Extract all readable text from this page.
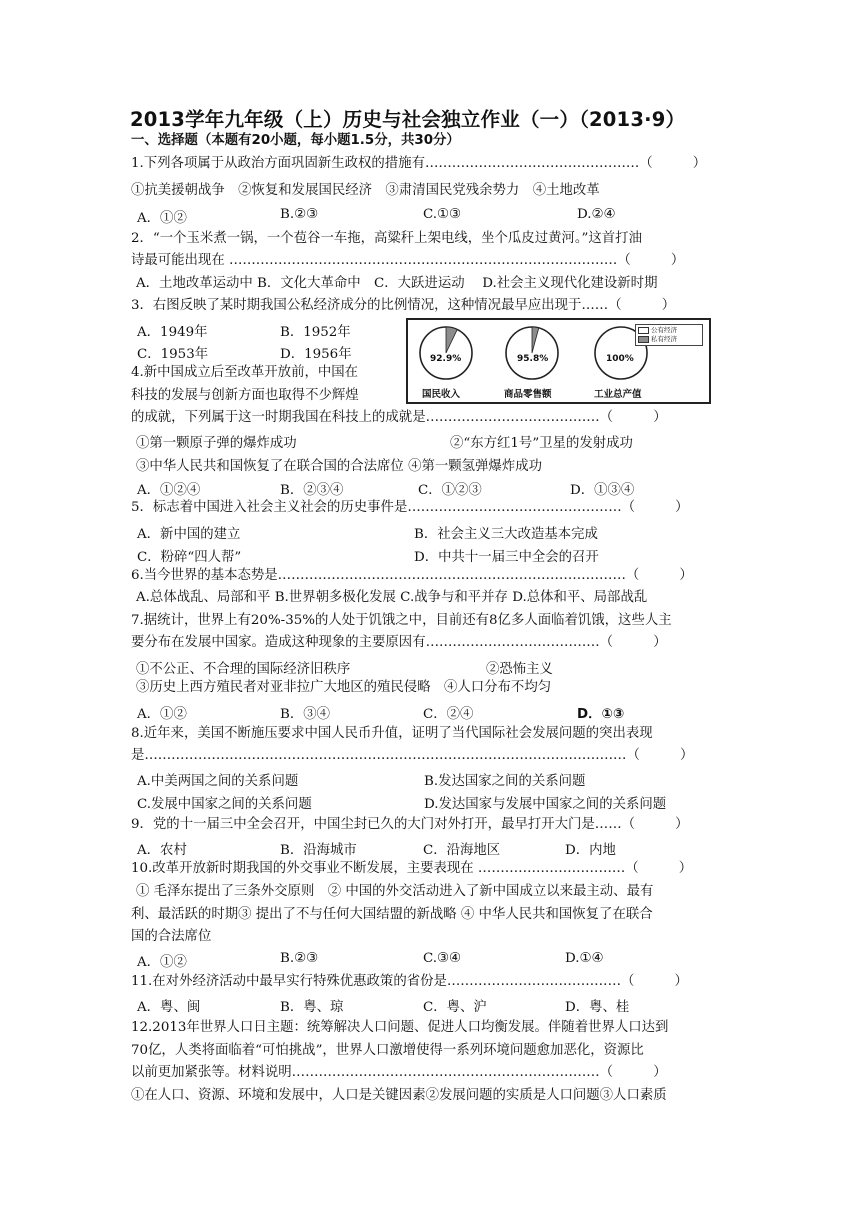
2013学年九年级（上）历史与社会独立作业（一）（2013·9）
一、选择题（本题有20小题，每小题1.5分，共30分）
1.下列各项属于从政治方面巩固新生政权的措施有…………………………………………（　　　）
①抗美援朝战争　②恢复和发展国民经济　③肃清国民党残余势力　④土地改革
A．①②	B.②③	C.①③	D.②④
2．“一个玉米煮一锅，一个苞谷一车拖，高粱秆上架电线，坐个瓜皮过黄河。”这首打油
诗最可能出现在 ……………………………………………………………………………（　　　）
A．土地改革运动中 B．文化大革命中　C．大跃进运动　 D.社会主义现代化建设新时期
3．右图反映了某时期我国公私经济成分的比例情况，这种情况最早应出现于……（　　　）
A．1949年	B．1952年
C．1953年	D．1956年	92.9%	95.8%	100%
国民收入	商品零售额	工业总产值
公有经济
私有经济
4.新中国成立后至改革开放前，中国在
科技的发展与创新方面也取得不少辉煌
的成就，下列属于这一时期我国在科技上的成就是…………………………………（　　　）
①第一颗原子弹的爆炸成功	②“东方红1号”卫星的发射成功
③中华人民共和国恢复了在联合国的合法席位 ④第一颗氢弹爆炸成功
A．①②④	B．②③④	C．①②③	D．①③④
5．标志着中国进入社会主义社会的历史事件是…………………………………………（　　　）
A．新中国的建立	B．社会主义三大改造基本完成
C．粉碎“四人帮”	D．中共十一届三中全会的召开
6.当今世界的基本态势是……………………………………………………………………（　　　）
A.总体战乱、局部和平 B.世界朝多极化发展 C.战争与和平并存 D.总体和平、局部战乱
7.据统计，世界上有20%-35%的人处于饥饿之中，目前还有8亿多人面临着饥饿，这些人主
要分布在发展中国家。造成这种现象的主要原因有…………………………………（　　　）
①不公正、不合理的国际经济旧秩序	②恐怖主义
③历史上西方殖民者对亚非拉广大地区的殖民侵略　④人口分布不均匀
A．①②	B．③④	C．②④	D．①③
8.近年来，美国不断施压要求中国人民币升值，证明了当代国际社会发展问题的突出表现
是………………………………………………………………………………………………（　　　）
A.中美两国之间的关系问题	B.发达国家之间的关系问题
C.发展中国家之间的关系问题	D.发达国家与发展中国家之间的关系问题
9．党的十一届三中全会召开，中国尘封已久的大门对外打开，最早打开大门是……（　　　）
A．农村	B．沿海城市	C．沿海地区	D．内地
10.改革开放新时期我国的外交事业不断发展，主要表现在 ……………………………（　　　）
① 毛泽东提出了三条外交原则　② 中国的外交活动进入了新中国成立以来最主动、最有
利、最活跃的时期③ 提出了不与任何大国结盟的新战略 ④ 中华人民共和国恢复了在联合
国的合法席位
A．①②	B.②③	C.③④	D.①④
11.在对外经济活动中最早实行特殊优惠政策的省份是…………………………………（　　　）
A．粤、闽	B．粤、琼	C．粤、沪	D．粤、桂
12.2013年世界人口日主题：统筹解决人口问题、促进人口均衡发展。伴随着世界人口达到
70亿，人类将面临着“可怕挑战”，世界人口激增使得一系列环境问题愈加恶化，资源比
以前更加紧张等。材料说明……………………………………………………………（　　　）
①在人口、资源、环境和发展中，人口是关键因素②发展问题的实质是人口问题③人口素质
